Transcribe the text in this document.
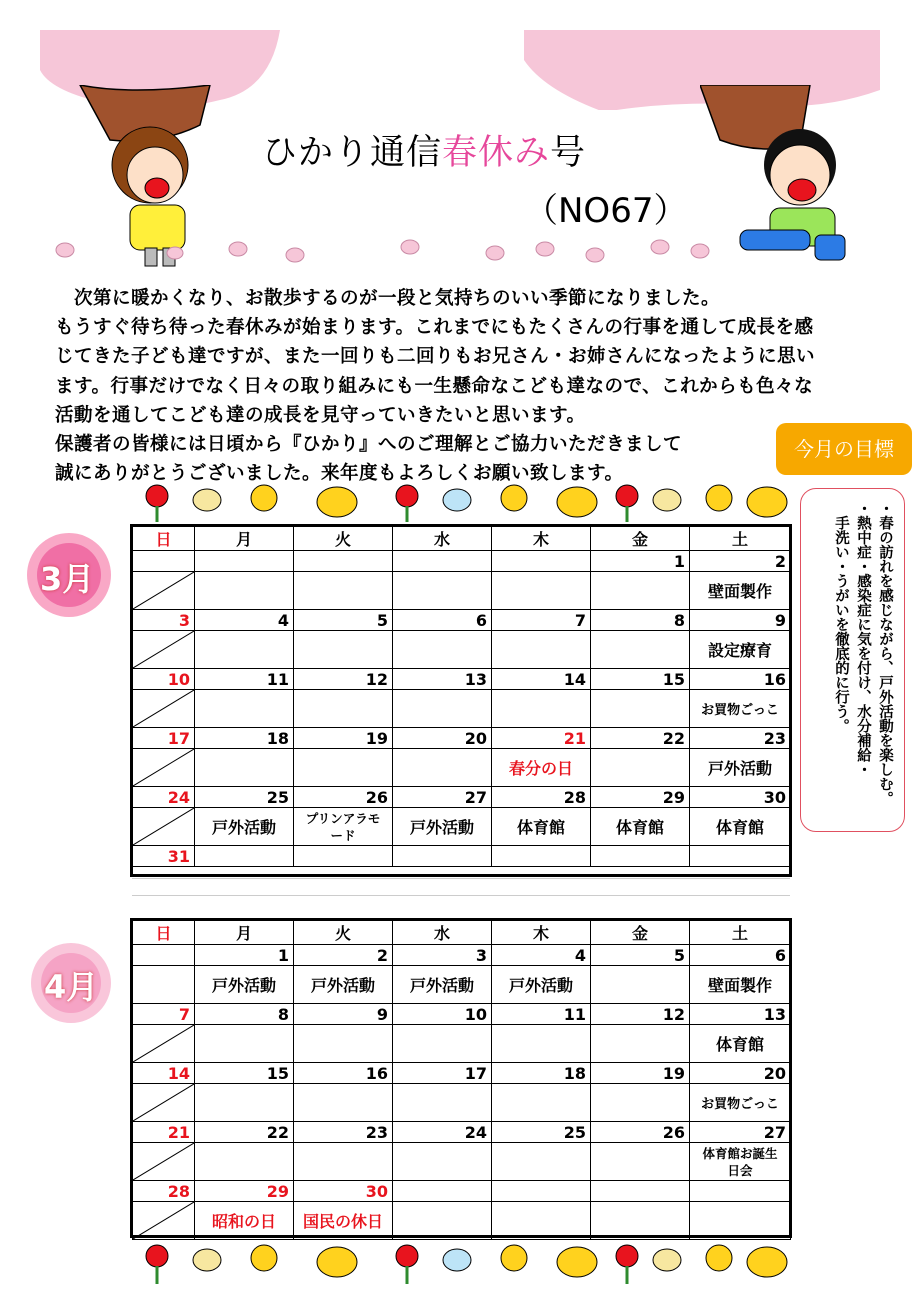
ひかり通信春休み号
（NO67）
　次第に暖かくなり、お散歩するのが一段と気持ちのいい季節になりました。
もうすぐ待ち待った春休みが始まります。これまでにもたくさんの行事を通して成長を感
じてきた子ども達ですが、また一回りも二回りもお兄さん・お姉さんになったように思い
ます。行事だけでなく日々の取り組みにも一生懸命なこども達なので、これからも色々な
活動を通してこども達の成長を見守っていきたいと思います。
保護者の皆様には日頃から『ひかり』へのご理解とご協力いただきまして
誠にありがとうございました。来年度もよろしくお願い致します。
今月の目標
・春の訪れを感じながら、戸外活動を楽しむ。
・熱中症・感染症に気を付け、水分補給・
　手洗い・うがいを徹底的に行う。
3月
日	月	火	水	木	金	土
					1	2

						壁面製作
3	4	5	6	7	8	9

						設定療育
10	11	12	13	14	15	16

						お買物ごっこ
17	18	19	20	21	22	23

				春分の日		戸外活動
24	25	26	27	28	29	30

	戸外活動	プリンアラモード	戸外活動	体育館	体育館	体育館
31						
4月
日	月	火	水	木	金	土
	1	2	3	4	5	6
	戸外活動	戸外活動	戸外活動	戸外活動		壁面製作
7	8	9	10	11	12	13

						体育館
14	15	16	17	18	19	20

						お買物ごっこ
21	22	23	24	25	26	27

						体育館お誕生日会
28	29	30				

	昭和の日	国民の休日				
